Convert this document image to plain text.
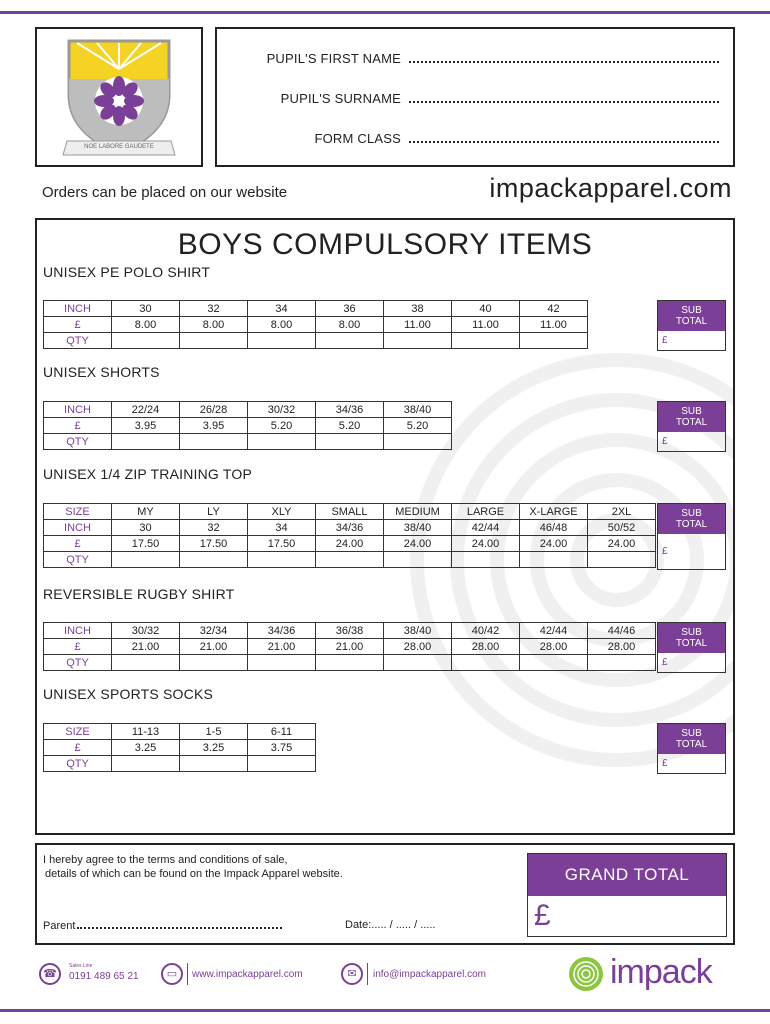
NOE LABORE GAUDETE
PUPIL'S FIRST NAME
PUPIL'S SURNAME
FORM CLASS
Orders can be placed on our website	impackapparel.com
BOYS COMPULSORY ITEMS
UNISEX PE POLO SHIRT
INCH	30	32	34	36	38	40	42
£	8.00	8.00	8.00	8.00	11.00	11.00	11.00
QTY							
SUB
TOTAL
£
UNISEX SHORTS
INCH	22/24	26/28	30/32	34/36	38/40
£	3.95	3.95	5.20	5.20	5.20
QTY					
SUB
TOTAL
£
UNISEX 1/4 ZIP TRAINING TOP
SIZE	MY	LY	XLY	SMALL	MEDIUM	LARGE	X-LARGE	2XL
INCH	30	32	34	34/36	38/40	42/44	46/48	50/52
£	17.50	17.50	17.50	24.00	24.00	24.00	24.00	24.00
QTY								
SUB
TOTAL
£
REVERSIBLE RUGBY SHIRT
INCH	30/32	32/34	34/36	36/38	38/40	40/42	42/44	44/46
£	21.00	21.00	21.00	21.00	28.00	28.00	28.00	28.00
QTY								
SUB
TOTAL
£
UNISEX SPORTS SOCKS
SIZE	11-13	1-5	6-11
£	3.25	3.25	3.75
QTY			
SUB
TOTAL
£
I hereby agree to the terms and conditions of sale,
details of which can be found on the Impack Apparel website.
Parent	Date:..... / ..... / .....
GRAND TOTAL
£
☎
Sales Line
0191 489 65 21	▭	www.impackapparel.com	✉	info@impackapparel.com	impack
